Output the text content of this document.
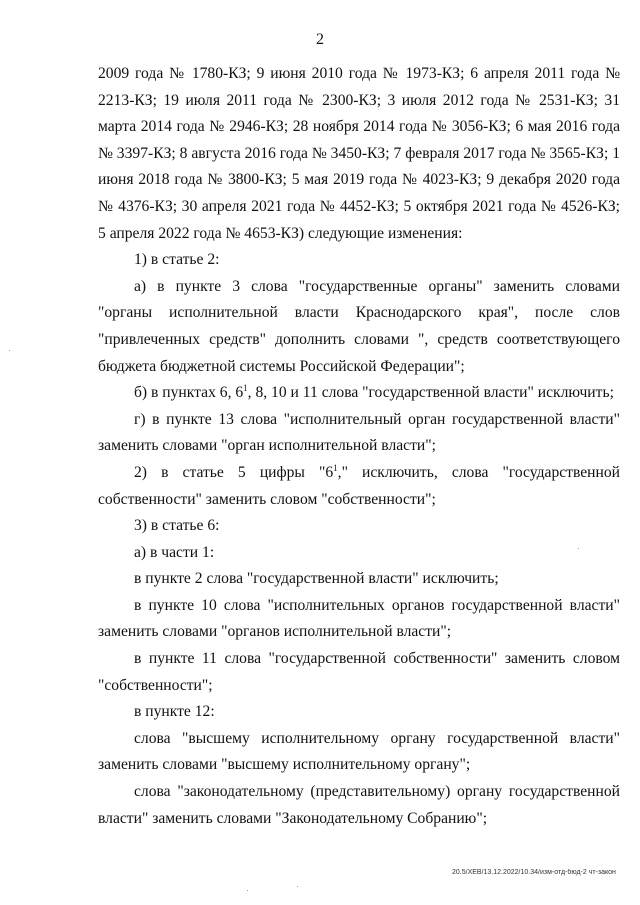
2

2009 года № 1780-КЗ; 9 июня 2010 года № 1973-КЗ; 6 апреля 2011 года № 2213-КЗ; 19 июля 2011 года № 2300-КЗ; 3 июля 2012 года № 2531-КЗ; 31 марта 2014 года № 2946-КЗ; 28 ноября 2014 года № 3056-КЗ; 6 мая 2016 года № 3397-КЗ; 8 августа 2016 года № 3450-КЗ; 7 февраля 2017 года № 3565-КЗ; 1 июня 2018 года № 3800-КЗ; 5 мая 2019 года № 4023-КЗ; 9 декабря 2020 года № 4376-КЗ; 30 апреля 2021 года № 4452-КЗ; 5 октября 2021 года № 4526-КЗ; 5 апреля 2022 года № 4653-КЗ) следующие изменения:

1) в статье 2:

а) в пункте 3 слова "государственные органы" заменить словами "органы исполнительной власти Краснодарского края", после слов "привлеченных средств" дополнить словами ", средств соответствующего бюджета бюджетной системы Российской Федерации";

б) в пунктах 6, $6^1$, 8, 10 и 11 слова "государственной власти" исключить;

г) в пункте 13 слова "исполнительный орган государственной власти" заменить словами "орган исполнительной власти";

2) в статье 5 цифры "$6^1$," исключить, слова "государственной собственности" заменить словом "собственности";

3) в статье 6:

а) в части 1:

в пункте 2 слова "государственной власти" исключить;

в пункте 10 слова "исполнительных органов государственной власти" заменить словами "органов исполнительной власти";

в пункте 11 слова "государственной собственности" заменить словом "собственности";

в пункте 12:

слова "высшему исполнительному органу государственной власти" заменить словами "высшему исполнительному органу";

слова "законодательному (представительному) органу государственной власти" заменить словами "Законодательному Собранию";

20.5/XEB/13.12.2022/10.34/изм-отд-бюд-2 чт-закон
